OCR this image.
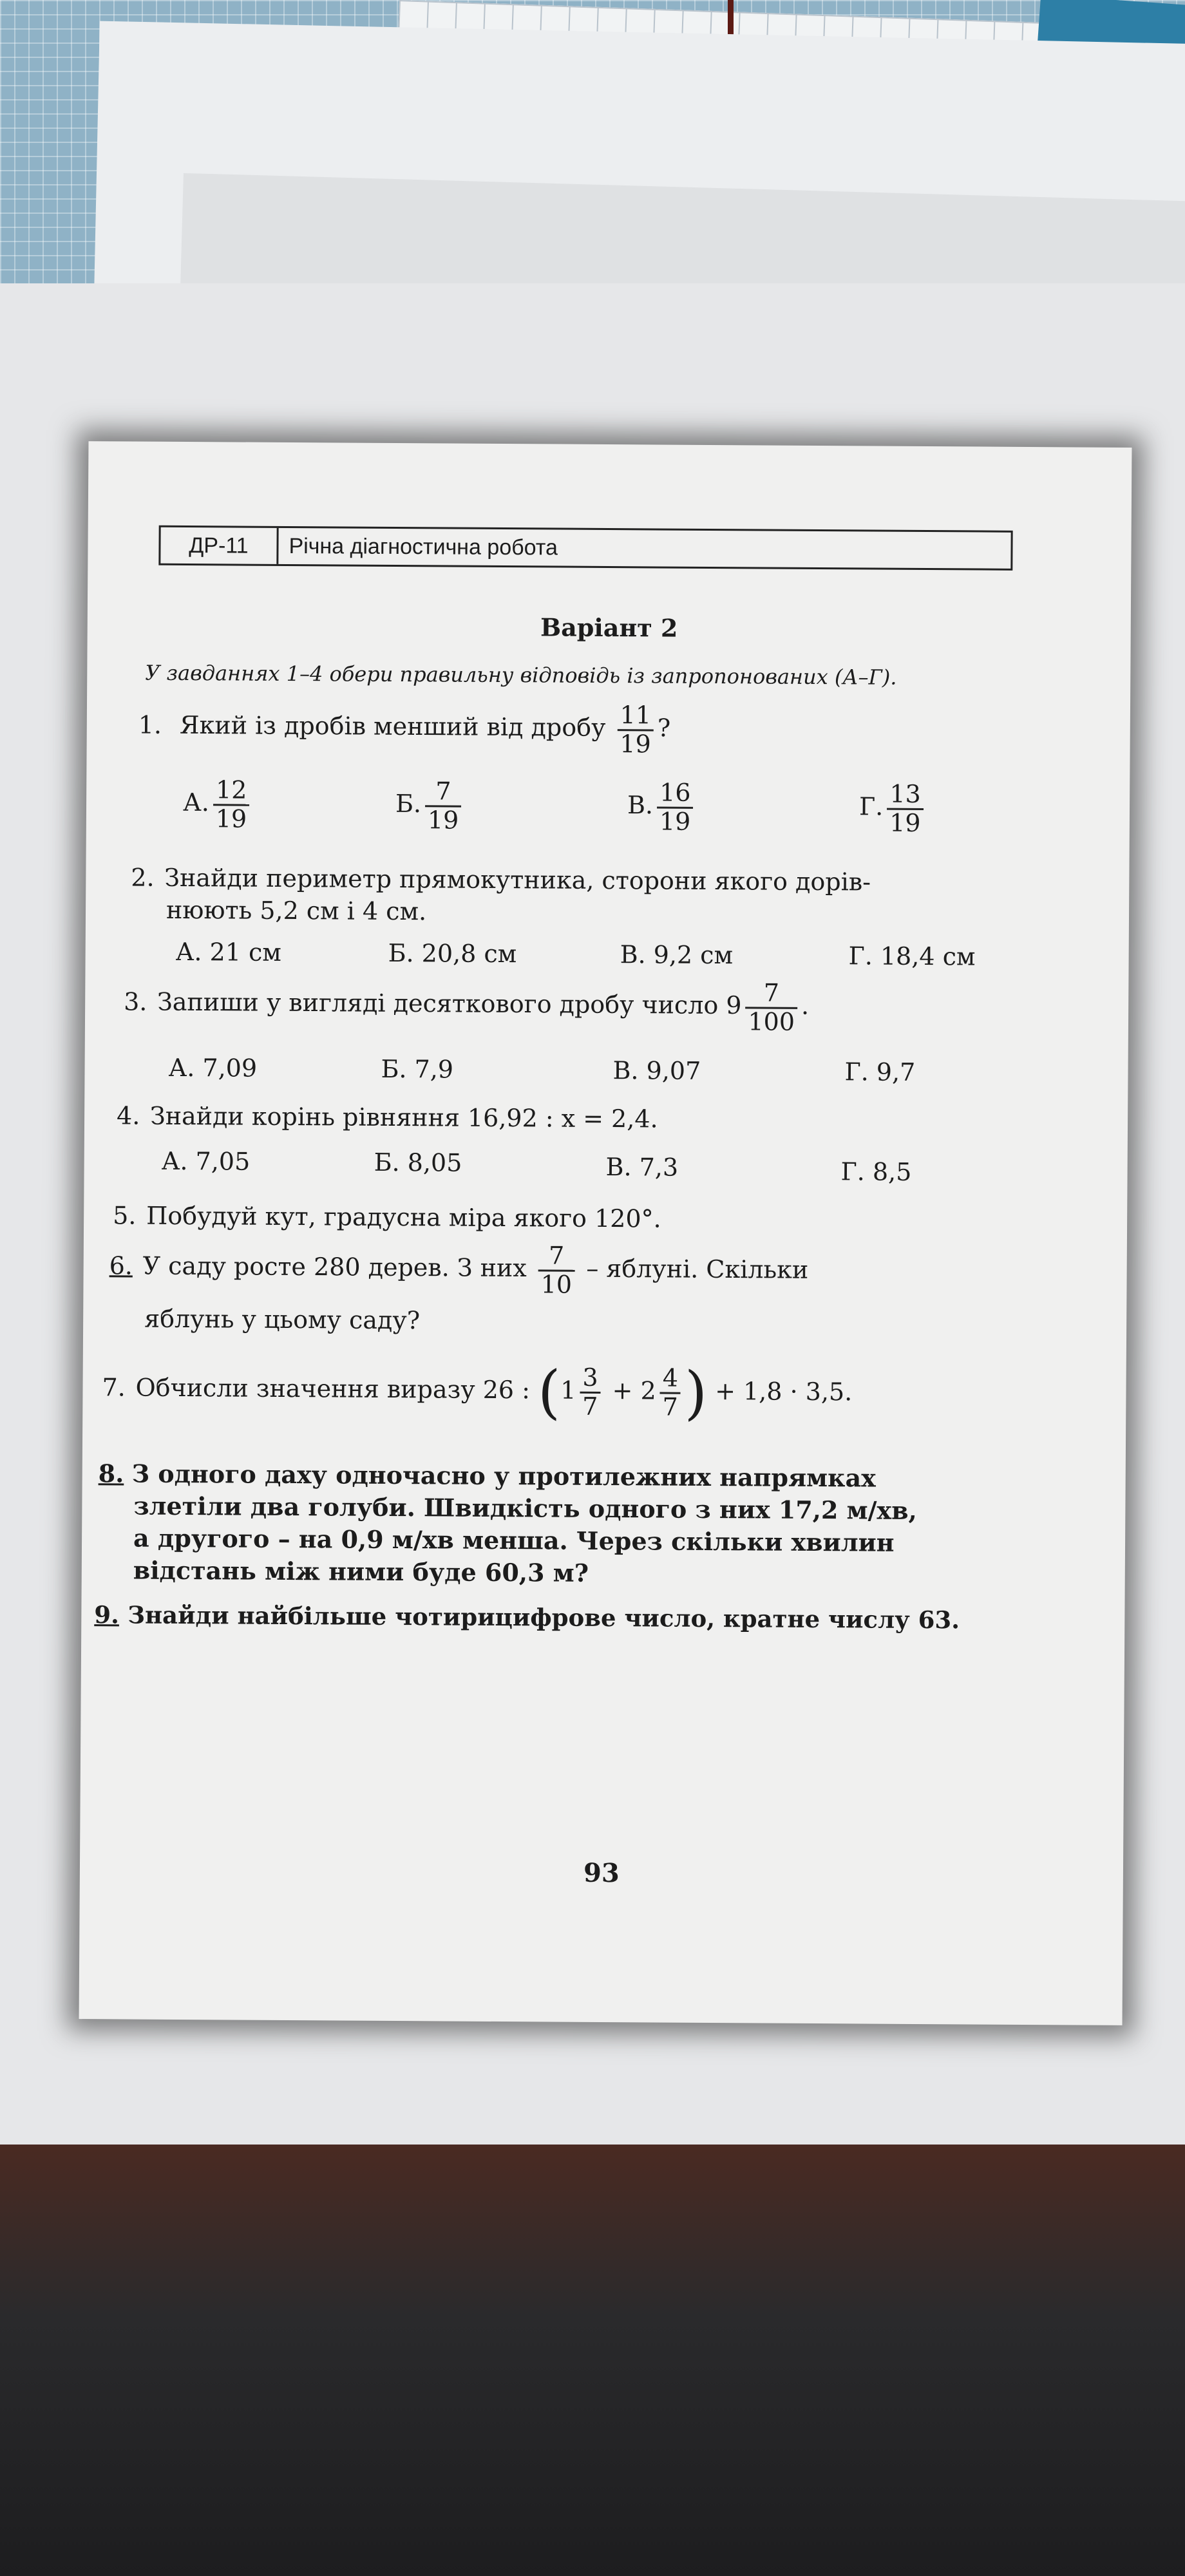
ДР-11	Річна діагностична робота
Варіант 2
У завданнях 1–4 обери правильну відповідь із запропонованих (А–Г).
1. Який із дробів менший від дробу $\frac{11}{19}$ ?
А. $\frac{12}{19}$	Б. $\frac{7}{19}$	В. $\frac{16}{19}$	Г. $\frac{13}{19}$
2. Знайди периметр прямокутника, сторони якого дорів-
нюють 5,2 см і 4 см.
А. 21 см	Б. 20,8 см	В. 9,2 см	Г. 18,4 см
3. Запиши у вигляді десяткового дробу число $9 \frac{7}{100}$ .
А. 7,09	Б. 7,9	В. 9,07	Г. 9,7
4. Знайди корінь рівняння 16,92 : x = 2,4.
А. 7,05	Б. 8,05	В. 7,3	Г. 8,5
5. Побудуй кут, градусна міра якого 120°.
6. У саду росте 280 дерев. З них $\frac{7}{10}$ – яблуні. Скільки
яблунь у цьому саду?
7. Обчисли значення виразу 26 : ($1 \frac{3}{7} + 2 \frac{4}{7}$ ) + 1,8 · 3,5.
8. З одного даху одночасно у протилежних напрямках
злетіли два голуби. Швидкість одного з них 17,2 м/хв,
а другого – на 0,9 м/хв менша. Через скільки хвилин
відстань між ними буде 60,3 м?
9. Знайди найбільше чотирицифрове число, кратне числу 63.
93
